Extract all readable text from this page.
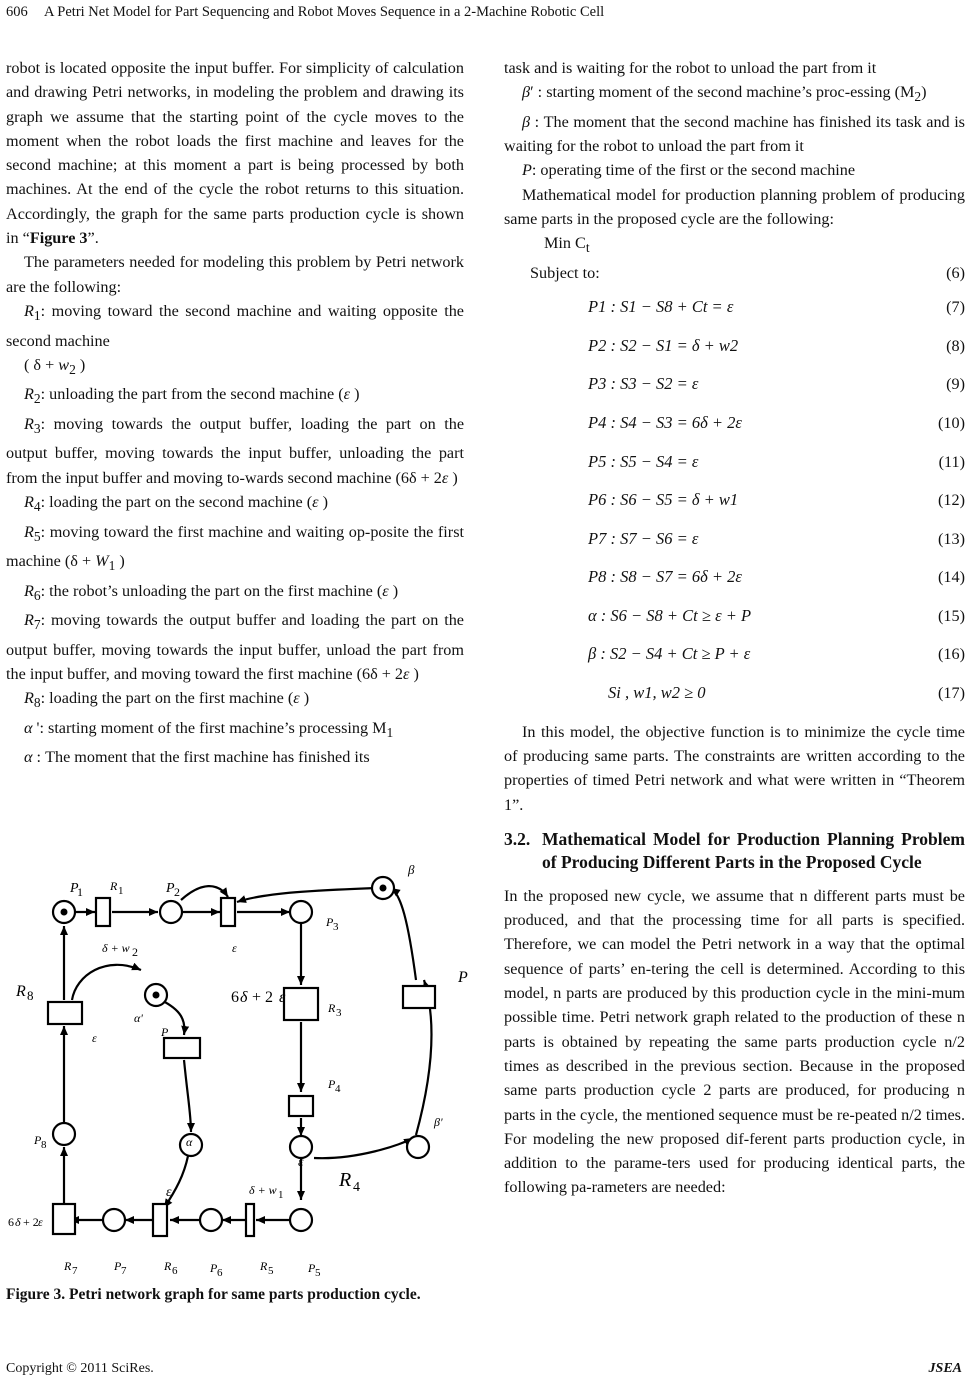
606 A Petri Net Model for Part Sequencing and Robot Moves Sequence in a 2-Machine Robotic Cell

robot is located opposite the input buffer. For simplicity of calculation and drawing Petri networks, in modeling the problem and drawing its graph we assume that the starting point of the cycle moves to the moment when the robot loads the first machine and leaves for the second machine; at this moment a part is being processed by both machines. At the end of the cycle the robot returns to this situation. Accordingly, the graph for the same parts production cycle is shown in “Figure 3”.

The parameters needed for modeling this problem by Petri network are the following:

$R_1$: moving toward the second machine and waiting opposite the second machine

( $\delta + w_2$ )

$R_2$: unloading the part from the second machine (ε )

$R_3$: moving towards the output buffer, loading the part on the output buffer, moving towards the input buffer, unloading the part from the input buffer and moving to-wards second machine (6δ + 2ε )

$R_4$: loading the part on the second machine (ε )

$R_5$: moving toward the first machine and waiting op-posite the first machine ($\delta + W_1$ )

$R_6$: the robot’s unloading the part on the first machine (ε )

$R_7$: moving towards the output buffer and loading the part on the output buffer, moving towards the input buffer, unload the part from the input buffer, and moving toward the first machine (6δ + 2ε )

$R_8$: loading the part on the first machine (ε )

α ': starting moment of the first machine’s processing $M_1$

α : The moment that the first machine has finished its

P
1 R 1	P 2
δ + w 2	ε
P 3
R 3
6 δ + 2 ε
P
β
β'
P 4
ε
R 4
δ + w 1
ε
R 8
ε
α'
P
α
P 8
6 δ + 2 ε
R 7	P 7	R 6	P 6	R 5	P 5
Figure 3. Petri network graph for same parts production cycle.

task and is waiting for the robot to unload the part from it

β′ : starting moment of the second machine’s proc-essing $(M_2)$

β : The moment that the second machine has finished its task and is waiting for the robot to unload the part from it

P: operating time of the first or the second machine

Mathematical model for production planning problem of producing same parts in the proposed cycle are the following:

Min $C_t$

Subject to:	(6)

P1 : S1 − S8 + Ct = ε	(7)
P2 : S2 − S1 = δ + w2	(8)
P3 : S3 − S2 = ε	(9)
P4 : S4 − S3 = 6δ + 2ε	(10)
P5 : S5 − S4 = ε	(11)
P6 : S6 − S5 = δ + w1	(12)
P7 : S7 − S6 = ε	(13)
P8 : S8 − S7 = 6δ + 2ε	(14)
α : S6 − S8 + Ct ≥ ε + P	(15)
β : S2 − S4 + Ct ≥ P + ε	(16)
Si , w1, w2 ≥ 0	(17)

In this model, the objective function is to minimize the cycle time of producing same parts. The constraints are written according to the properties of timed Petri network and what were written in “Theorem 1”.

3.2. Mathematical Model for Production Planning Problem of Producing Different Parts in the Proposed Cycle

In the proposed new cycle, we assume that n different parts must be produced, and that the processing time for all parts is specified. Therefore, we can model the Petri network in a way that the optimal sequence of parts’ en-tering the cell is determined. According to this model, n parts are produced by this production cycle in the mini-mum possible time. Petri network graph related to the production of these n parts is obtained by repeating the same parts production cycle n/2 times as described in the previous section. Because in the proposed same parts production cycle 2 parts are produced, for producing n parts in the cycle, the mentioned sequence must be re-peated n/2 times. For modeling the new proposed dif-ferent parts production cycle, in addition to the parame-ters used for producing identical parts, the following pa-rameters are needed:

Copyright © 2011 SciRes.	JSEA
